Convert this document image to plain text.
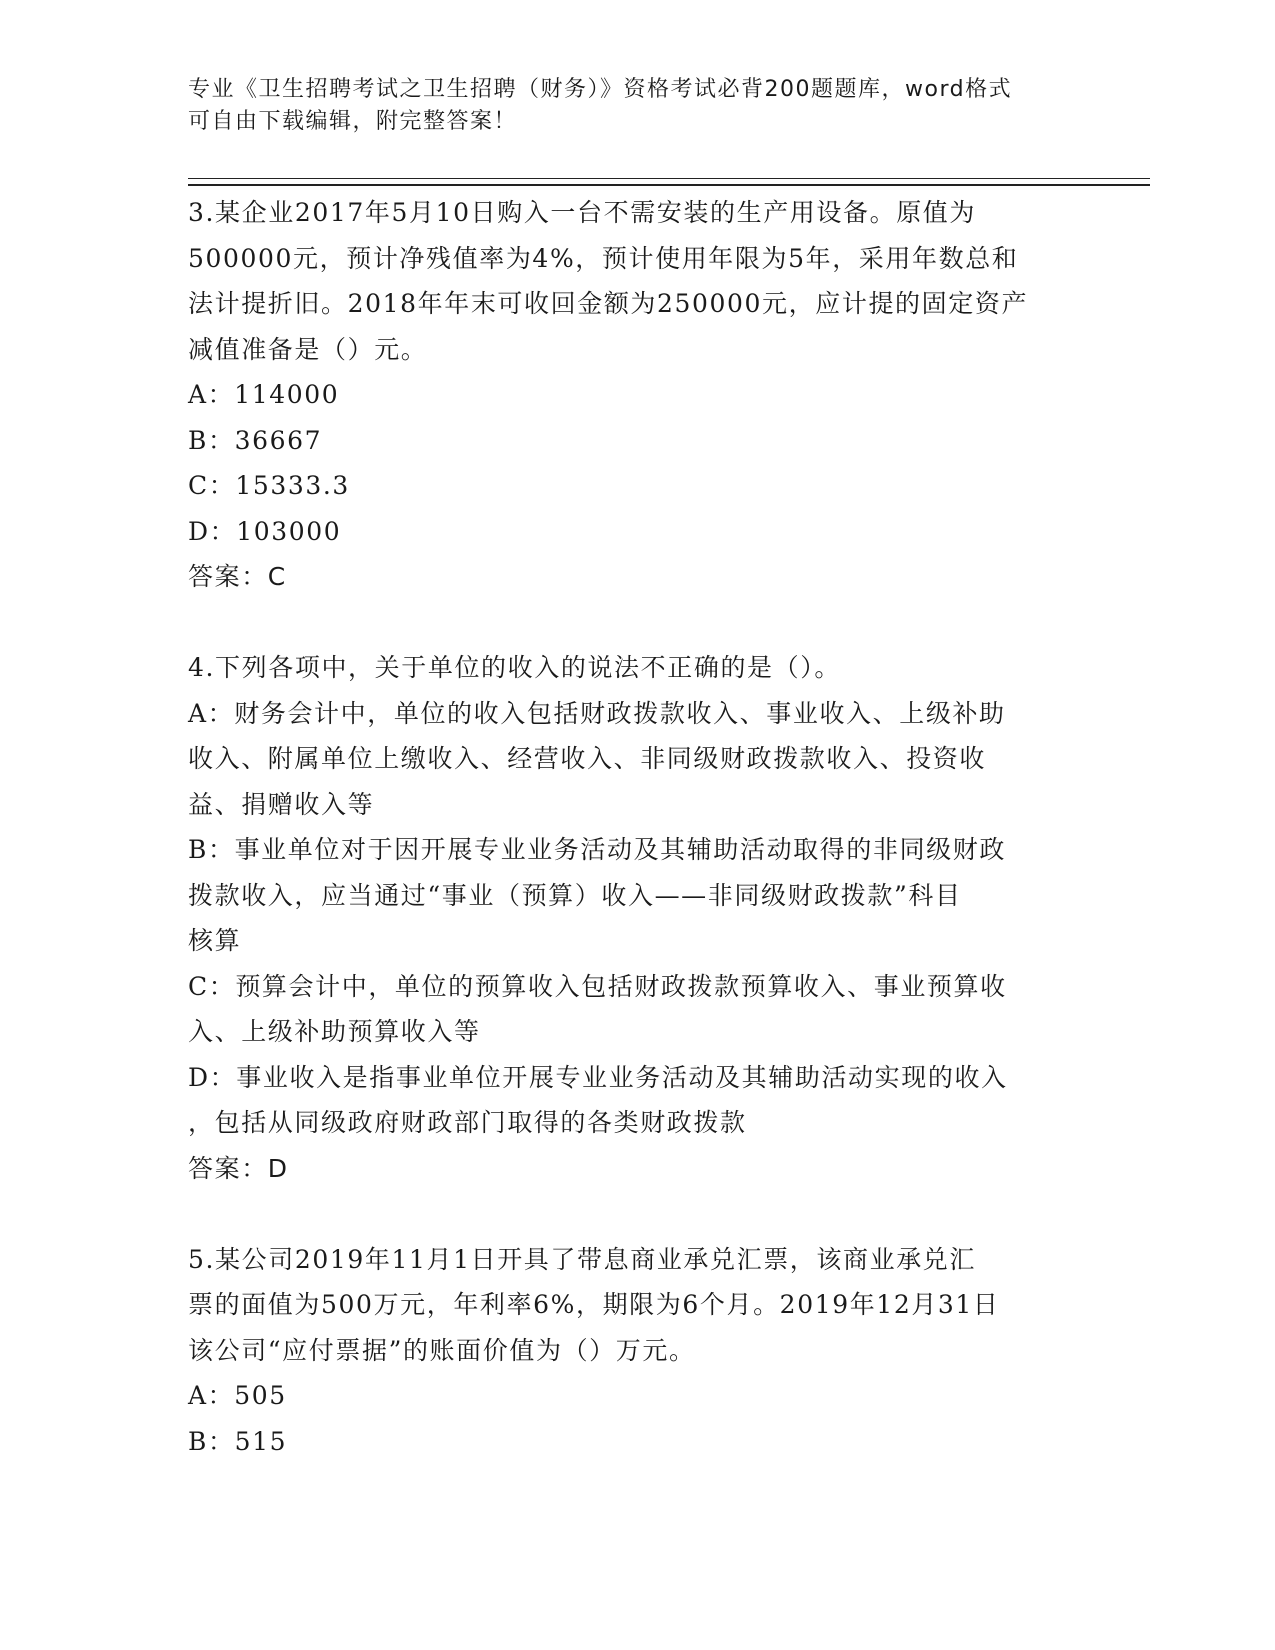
专业《卫生招聘考试之卫生招聘（财务）》资格考试必背200题题库，word格式
可自由下载编辑，附完整答案！
3.某企业2017年5月10日购入一台不需安装的生产用设备。原值为
500000元，预计净残值率为4%，预计使用年限为5年，采用年数总和
法计提折旧。2018年年末可收回金额为250000元，应计提的固定资产
减值准备是（）元。
A：114000
B：36667
C：15333.3
D：103000
答案：C
4.下列各项中，关于单位的收入的说法不正确的是（）。
A：财务会计中，单位的收入包括财政拨款收入、事业收入、上级补助
收入、附属单位上缴收入、经营收入、非同级财政拨款收入、投资收
益、捐赠收入等
B：事业单位对于因开展专业业务活动及其辅助活动取得的非同级财政
拨款收入，应当通过“事业（预算）收入——非同级财政拨款”科目
核算
C：预算会计中，单位的预算收入包括财政拨款预算收入、事业预算收
入、上级补助预算收入等
D：事业收入是指事业单位开展专业业务活动及其辅助活动实现的收入
，包括从同级政府财政部门取得的各类财政拨款
答案：D
5.某公司2019年11月1日开具了带息商业承兑汇票，该商业承兑汇
票的面值为500万元，年利率6%，期限为6个月。2019年12月31日
该公司“应付票据”的账面价值为（）万元。
A：505
B：515
